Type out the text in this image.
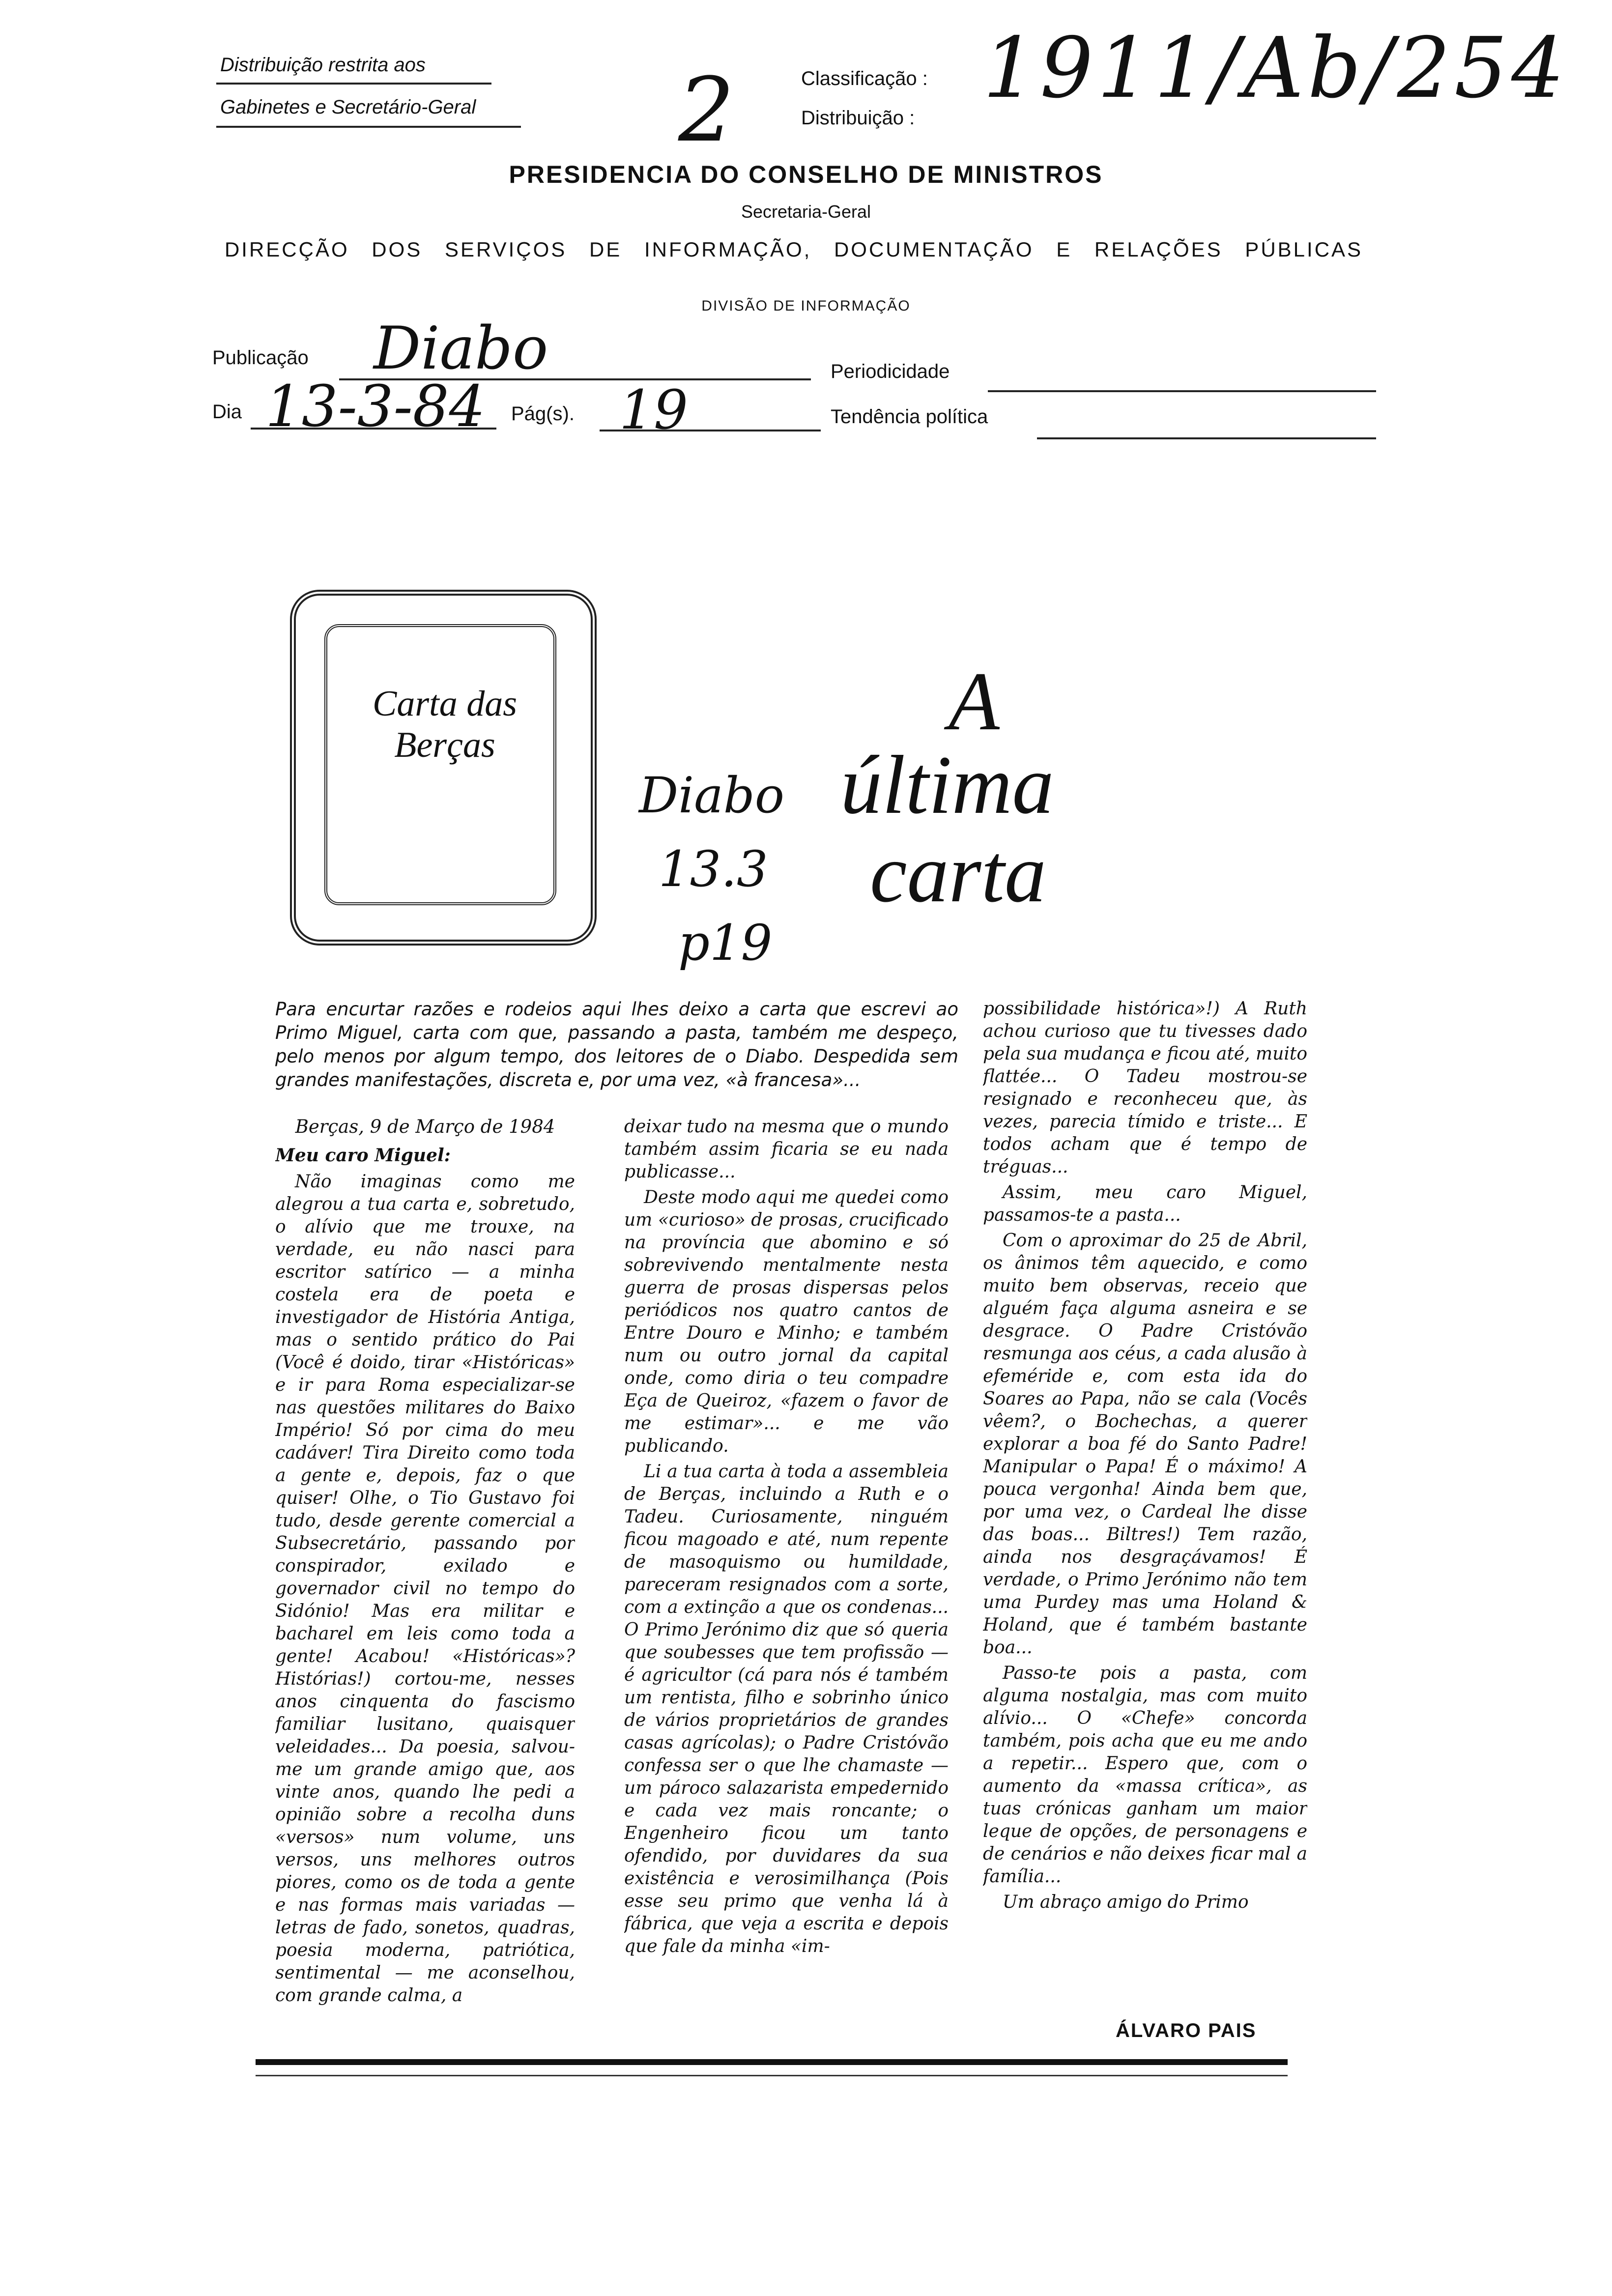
Distribuição restrita aos
Gabinetes e Secretário-Geral 2	Classificação :
Distribuição :
1911/Ab/254
PRESIDENCIA DO CONSELHO DE MINISTROS
Secretaria-Geral
DIRECÇÃO DOS SERVIÇOS DE INFORMAÇÃO, DOCUMENTAÇÃO E RELAÇÕES PÚBLICAS
DIVISÃO DE INFORMAÇÃO
Publicação Diabo	Periodicidade
Dia 13-3-84 Pág(s). 19	Tendência política
Carta das Berças	A
última
carta
Diabo
13.3
p19
Para encurtar razões e rodeios aqui lhes deixo a carta que escrevi ao Primo Miguel, carta com que, passando a pasta, também me despeço, pelo menos por algum tempo, dos leitores de o Diabo. Despedida sem grandes manifestações, discreta e, por uma vez, «à francesa»...
Berças, 9 de Março de 1984
Meu caro Miguel:

Não imaginas como me alegrou a tua carta e, sobretudo, o alívio que me trouxe, na verdade, eu não nasci para escritor satírico — a minha costela era de poeta e investigador de História Antiga, mas o sentido prático do Pai (Você é doido, tirar «Históricas» e ir para Roma especializar-se nas questões militares do Baixo Império! Só por cima do meu cadáver! Tira Direito como toda a gente e, depois, faz o que quiser! Olhe, o Tio Gustavo foi tudo, desde gerente comercial a Subsecretário, passando por conspirador, exilado e governador civil no tempo do Sidónio! Mas era militar e bacharel em leis como toda a gente! Acabou! «Históricas»? Histórias!) cortou-me, nesses anos cinquenta do fascismo familiar lusitano, quaisquer veleidades... Da poesia, salvou-me um grande amigo que, aos vinte anos, quando lhe pedi a opinião sobre a recolha duns «versos» num volume, uns versos, uns melhores outros piores, como os de toda a gente e nas formas mais variadas — letras de fado, sonetos, quadras, poesia moderna, patriótica, sentimental — me aconselhou, com grande calma, a

deixar tudo na mesma que o mundo também assim ficaria se eu nada publicasse...

Deste modo aqui me quedei como um «curioso» de prosas, crucificado na província que abomino e só sobrevivendo mentalmente nesta guerra de prosas dispersas pelos periódicos nos quatro cantos de Entre Douro e Minho; e também num ou outro jornal da capital onde, como diria o teu compadre Eça de Queiroz, «fazem o favor de me estimar»... e me vão publicando.

Li a tua carta à toda a assembleia de Berças, incluindo a Ruth e o Tadeu. Curiosamente, ninguém ficou magoado e até, num repente de masoquismo ou humildade, pareceram resignados com a sorte, com a extinção a que os condenas... O Primo Jerónimo diz que só queria que soubesses que tem profissão — é agricultor (cá para nós é também um rentista, filho e sobrinho único de vários proprietários de grandes casas agrícolas); o Padre Cristóvão confessa ser o que lhe chamaste — um pároco salazarista empedernido e cada vez mais roncante; o Engenheiro ficou um tanto ofendido, por duvidares da sua existência e verosimilhança (Pois esse seu primo que venha lá à fábrica, que veja a escrita e depois que fale da minha «im-

possibilidade histórica»!) A Ruth achou curioso que tu tivesses dado pela sua mudança e ficou até, muito flattée... O Tadeu mostrou-se resignado e reconheceu que, às vezes, parecia tímido e triste... E todos acham que é tempo de tréguas...

Assim, meu caro Miguel, passamos-te a pasta...

Com o aproximar do 25 de Abril, os ânimos têm aquecido, e como muito bem observas, receio que alguém faça alguma asneira e se desgrace. O Padre Cristóvão resmunga aos céus, a cada alusão à efeméride e, com esta ida do Soares ao Papa, não se cala (Vocês vêem?, o Bochechas, a querer explorar a boa fé do Santo Padre! Manipular o Papa! É o máximo! A pouca vergonha! Ainda bem que, por uma vez, o Cardeal lhe disse das boas... Biltres!) Tem razão, ainda nos desgraçávamos! É verdade, o Primo Jerónimo não tem uma Purdey mas uma Holand & Holand, que é também bastante boa...

Passo-te pois a pasta, com alguma nostalgia, mas com muito alívio... O «Chefe» concorda também, pois acha que eu me ando a repetir... Espero que, com o aumento da «massa crítica», as tuas crónicas ganham um maior leque de opções, de personagens e de cenários e não deixes ficar mal a família...

Um abraço amigo do Primo

ÁLVARO PAIS
